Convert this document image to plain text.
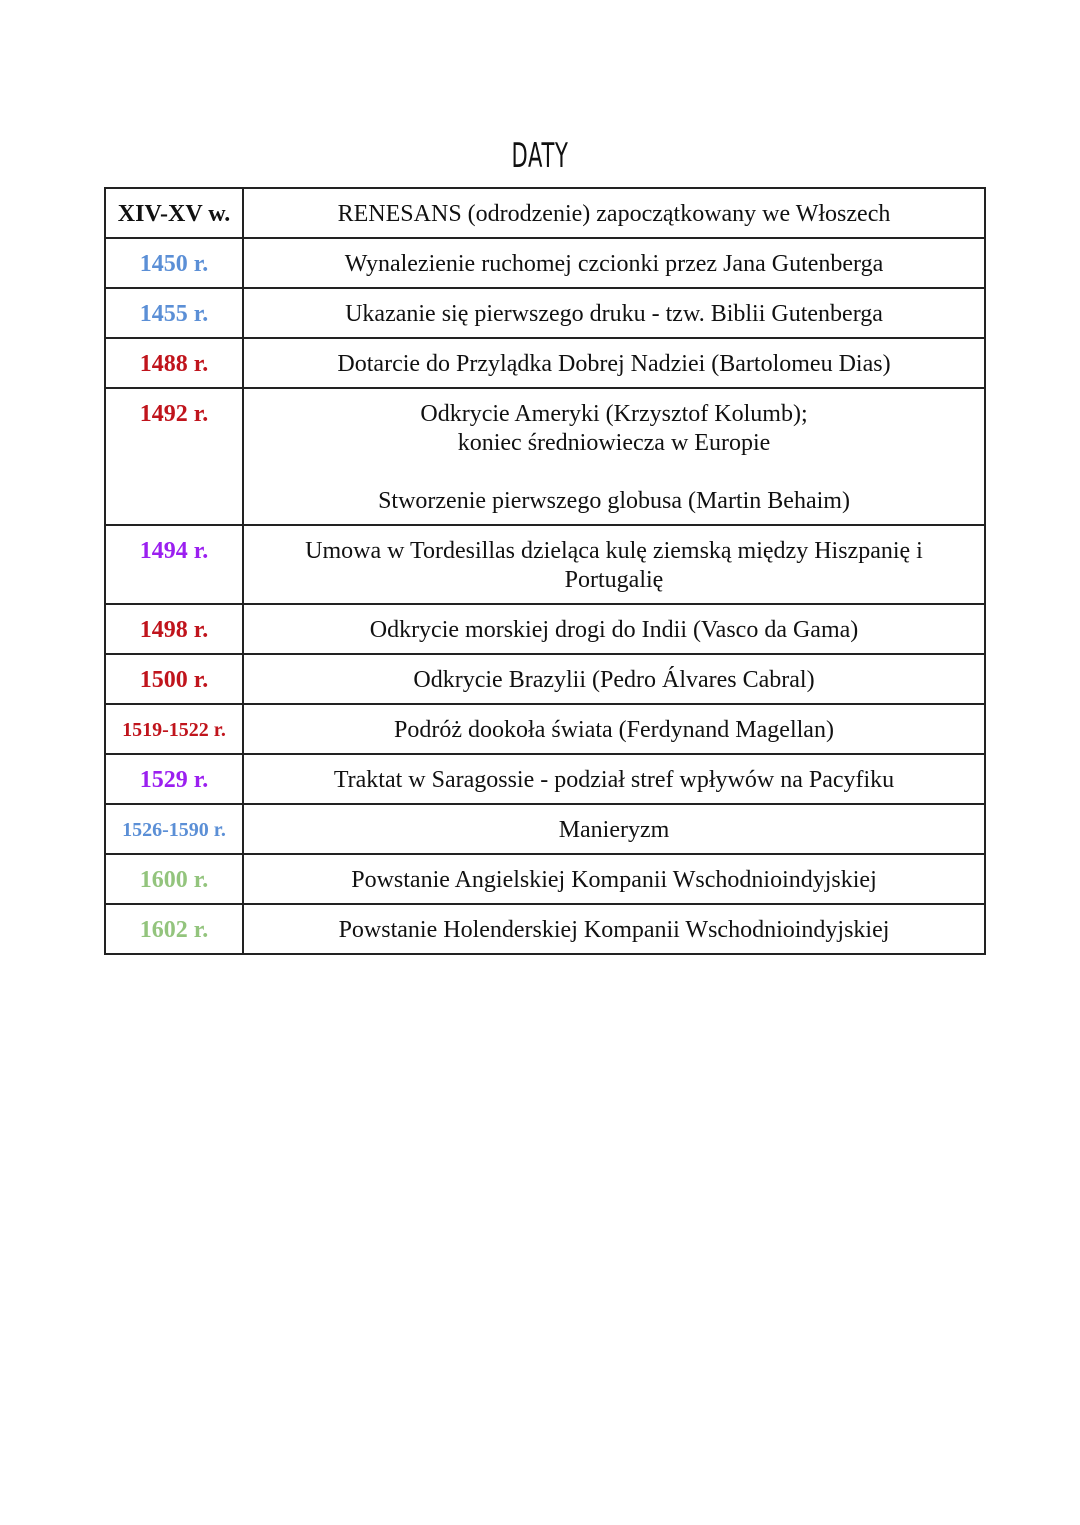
DATY
XIV-XV w.	RENESANS (odrodzenie) zapoczątkowany we Włoszech

1450 r.	Wynalezienie ruchomej czcionki przez Jana Gutenberga

1455 r.	Ukazanie się pierwszego druku - tzw. Biblii Gutenberga

1488 r.	Dotarcie do Przylądka Dobrej Nadziei (Bartolomeu Dias)

1492 r.	Odkrycie Ameryki (Krzysztof Kolumb);
koniec średniowiecza w Europie
Stworzenie pierwszego globusa (Martin Behaim)

1494 r.	Umowa w Tordesillas dzieląca kulę ziemską między Hiszpanię i
Portugalię

1498 r.	Odkrycie morskiej drogi do Indii (Vasco da Gama)

1500 r.	Odkrycie Brazylii (Pedro Álvares Cabral)

1519-1522 r.	Podróż dookoła świata (Ferdynand Magellan)

1529 r.	Traktat w Saragossie - podział stref wpływów na Pacyfiku

1526-1590 r.	Manieryzm

1600 r.	Powstanie Angielskiej Kompanii Wschodnioindyjskiej

1602 r.	Powstanie Holenderskiej Kompanii Wschodnioindyjskiej
